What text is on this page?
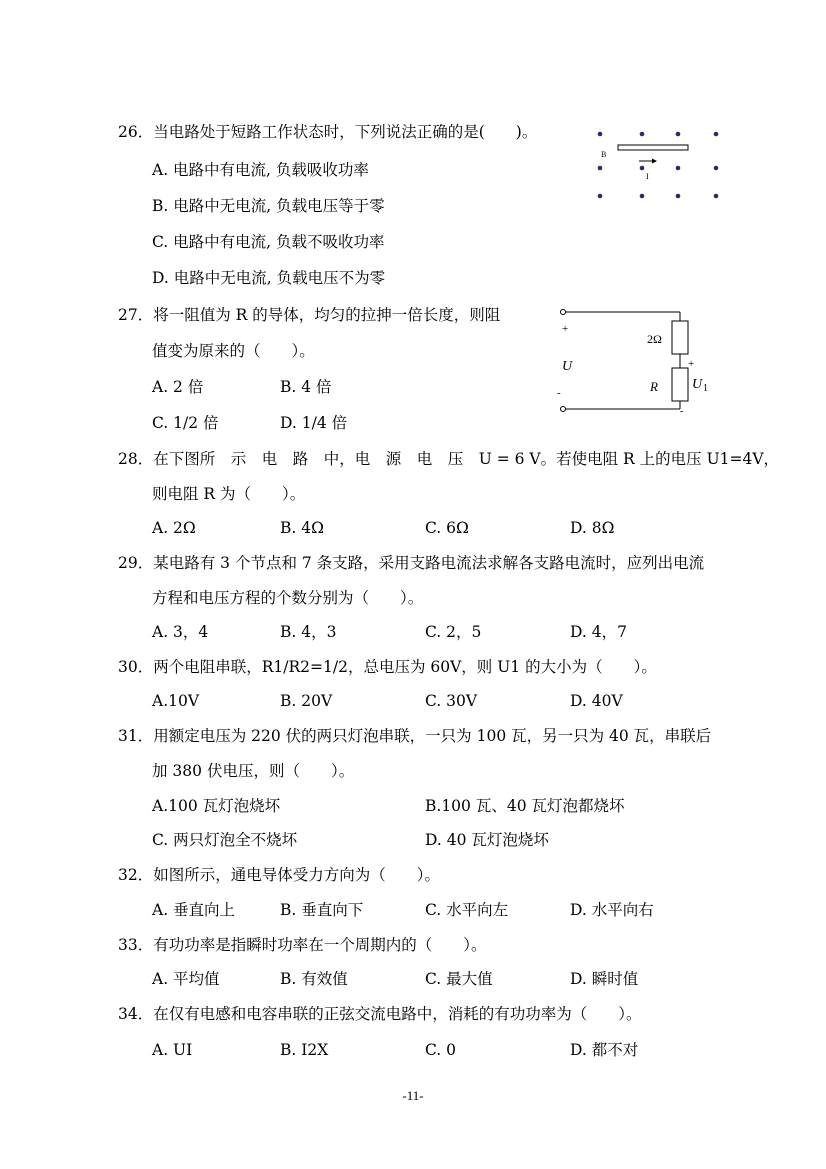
26．当电路处于短路工作状态时，下列说法正确的是(　　)。
A. 电路中有电流, 负载吸收功率
B. 电路中无电流, 负载电压等于零
C. 电路中有电流, 负载不吸收功率
D. 电路中无电流, 负载电压不为零
B
I
27．将一阻值为 R 的导体，均匀的拉抻一倍长度，则阻
值变为原来的（　　）。
A. 2 倍	B. 4 倍
C. 1/2 倍	D. 1/4 倍
+
U
-
2Ω
+
R U 1
-
28．在下图所　示　电　路　中，电　源　电　压　U = 6 V。若使电阻 R 上的电压 U1=4V，
则电阻 R 为（　　）。
A. 2Ω	B. 4Ω	C. 6Ω	D. 8Ω
29．某电路有 3 个节点和 7 条支路，采用支路电流法求解各支路电流时，应列出电流
方程和电压方程的个数分别为（　　）。
A. 3，4	B. 4，3	C. 2，5	D. 4，7
30．两个电阻串联，R1/R2=1/2，总电压为 60V，则 U1 的大小为（　　）。
A.10V	B. 20V	C. 30V	D. 40V
31．用额定电压为 220 伏的两只灯泡串联，一只为 100 瓦，另一只为 40 瓦，串联后
加 380 伏电压，则（　　）。
A.100 瓦灯泡烧坏	B.100 瓦、40 瓦灯泡都烧坏
C. 两只灯泡全不烧坏	D. 40 瓦灯泡烧坏
32．如图所示，通电导体受力方向为（　　）。
A. 垂直向上	B. 垂直向下	C. 水平向左	D. 水平向右
33．有功功率是指瞬时功率在一个周期内的（　　）。
A. 平均值	B. 有效值	C. 最大值	D. 瞬时值
34．在仅有电感和电容串联的正弦交流电路中，消耗的有功功率为（　　）。
A. UI	B. I2X	C. 0	D. 都不对
-11-
